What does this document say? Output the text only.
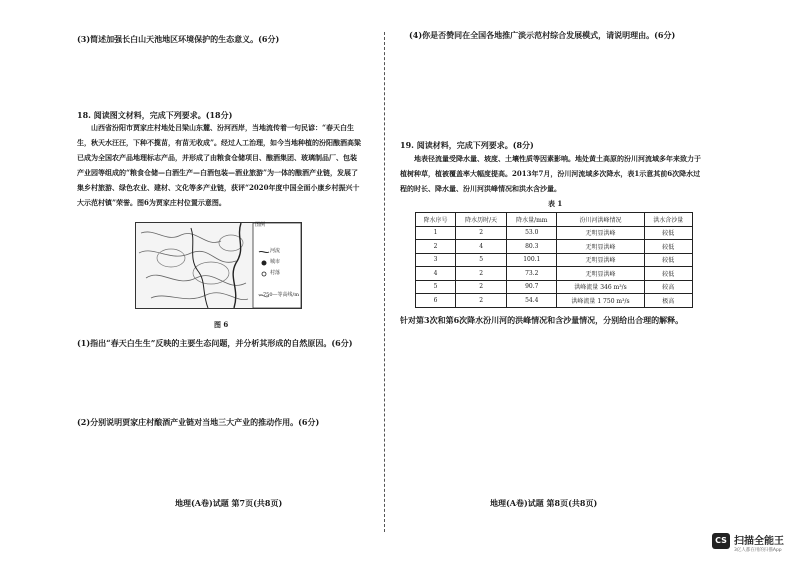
(3)简述加强长白山天池地区环境保护的生态意义。(6分)
18. 阅读图文材料，完成下列要求。(18分)
山西省汾阳市贾家庄村地处吕梁山东麓、汾河西岸，当地流传着一句民谚：“春天白生生，秋天水汪汪，下种不揽苗，有苗无收成”。经过人工治理，如今当地种植的汾阳酿酒高粱已成为全国农产品地理标志产品，并形成了由粮食仓储项目、酿酒集团、玻璃制品厂、包装产业园等组成的“粮食仓储—白酒生产—白酒包装—酒业旅游”为一体的酿酒产业链，发展了集乡村旅游、绿色农业、建材、文化等多产业链，获评“2020年度中国全面小康乡村振兴十大示范村镇”荣誉。图6为贾家庄村位置示意图。
图例
河流
城市
村落
—750—等高线/m
图 6
(1)指出“春天白生生”反映的主要生态问题，并分析其形成的自然原因。(6分)
(2)分别说明贾家庄村酿酒产业链对当地三大产业的推动作用。(6分)
地理(A卷)试题 第7页(共8页)
(4)你是否赞同在全国各地推广淡示范村综合发展模式，请说明理由。(6分)
19. 阅读材料，完成下列要求。(8分)
地表径流量受降水量、坡度、土壤性质等因素影响。地处黄土高原的汾川河流域多年来致力于植树种草，植被覆盖率大幅度提高。2013年7月，汾川河流域多次降水，表1示意其前6次降水过程的时长、降水量、汾川河洪峰情况和洪水含沙量。
表 1
降水序号	降水历时/天	降水量/mm	汾川河洪峰情况	洪水含沙量
1	2	53.0	无明显洪峰	较低
2	4	80.3	无明显洪峰	较低
3	5	100.1	无明显洪峰	较低
4	2	73.2	无明显洪峰	较低
5	2	90.7	洪峰流量 346 m³/s	较高
6	2	54.4	洪峰流量 1 750 m³/s	极高
针对第3次和第6次降水汾川河的洪峰情况和含沙量情况，分别给出合理的解释。
地理(A卷)试题 第8页(共8页)
CS 扫描全能王
3亿人都在用的扫描App
